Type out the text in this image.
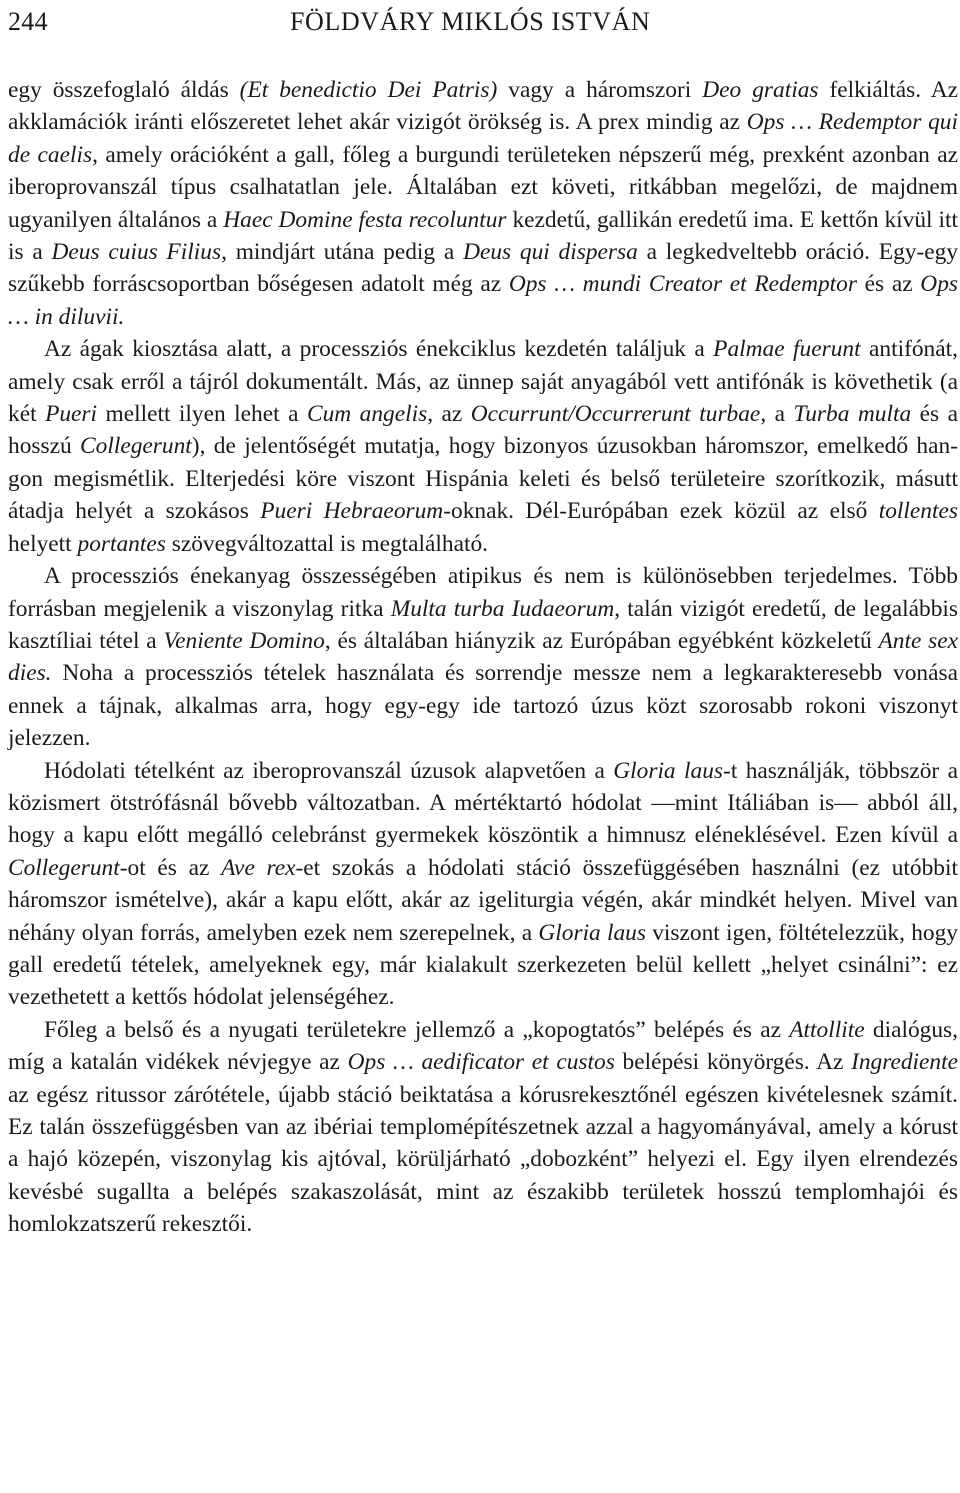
244	FÖLDVÁRY MIKLÓS ISTVÁN

egy összefoglaló áldás (Et benedictio Dei Patris) vagy a háromszori Deo gratias felkiáltás. Az akklamációk iránti előszeretet lehet akár vizigót örökség is. A prex mindig az Ops … Redemptor qui de caelis, amely orációként a gall, főleg a burgundi területeken népszerű még, prexként azonban az iberoprovanszál típus csalhatatlan jele. Általában ezt követi, ritkábban megelőzi, de majdnem ugyanilyen általános a Haec Domine festa recoluntur kezdetű, gallikán eredetű ima. E kettőn kívül itt is a Deus cuius Filius, mindjárt utána pedig a Deus qui dispersa a legkedveltebb oráció. Egy-egy szűkebb forráscsoportban bőségesen adatolt még az Ops … mundi Creator et Redemptor és az Ops … in diluvii.

Az ágak kiosztása alatt, a processziós énekciklus kezdetén találjuk a Palmae fuerunt antifónát, amely csak erről a tájról dokumentált. Más, az ünnep saját anyagából vett antifónák is követhetik (a két Pueri mellett ilyen lehet a Cum angelis, az Occurrunt/Occurrerunt turbae, a Turba multa és a hosszú Collegerunt), de jelentőségét mutatja, hogy bizonyos úzusokban háromszor, emelkedő hangon megismétlik. Elterjedési köre viszont Hispánia keleti és belső területeire szorítkozik, másutt átadja helyét a szokásos Pueri Hebraeorum-oknak. Dél-Európában ezek közül az első tollentes helyett portantes szövegváltozattal is megtalálható.

A processziós énekanyag összességében atipikus és nem is különösebben terjedelmes. Több forrásban megjelenik a viszonylag ritka Multa turba Iudaeorum, talán vizigót eredetű, de legalábbis kasztíliai tétel a Veniente Domino, és általában hiányzik az Európában egyébként közkeletű Ante sex dies. Noha a processziós tételek használata és sorrendje messze nem a legkarakteresebb vonása ennek a tájnak, alkalmas arra, hogy egy-egy ide tartozó úzus közt szorosabb rokoni viszonyt jelezzen.

Hódolati tételként az iberoprovanszál úzusok alapvetően a Gloria laus-t használják, többször a közismert ötstrófásnál bővebb változatban. A mértéktartó hódolat —mint Itáliában is— abból áll, hogy a kapu előtt megálló celebránst gyermekek köszöntik a himnusz eléneklésével. Ezen kívül a Collegerunt-ot és az Ave rex-et szokás a hódolati stáció összefüggésében használni (ez utóbbit háromszor ismételve), akár a kapu előtt, akár az igeliturgia végén, akár mindkét helyen. Mivel van néhány olyan forrás, amelyben ezek nem szerepelnek, a Gloria laus viszont igen, föltételezzük, hogy gall eredetű tételek, amelyeknek egy, már kialakult szerkezeten belül kellett „helyet csinálni”: ez vezethetett a kettős hódolat jelenségéhez.

Főleg a belső és a nyugati területekre jellemző a „kopogtatós” belépés és az Attollite dialógus, míg a katalán vidékek névjegye az Ops … aedificator et custos belépési könyörgés. Az Ingrediente az egész ritussor zárótétele, újabb stáció beiktatása a kórusrekesztőnél egészen kivételesnek számít. Ez talán összefüggésben van az ibériai templomépítészetnek azzal a hagyományával, amely a kórust a hajó közepén, viszonylag kis ajtóval, körüljárható „dobozként” helyezi el. Egy ilyen elrendezés kevésbé sugallta a belépés szakaszolását, mint az északibb területek hosszú templomhajói és homlokzatszerű rekesztői.
